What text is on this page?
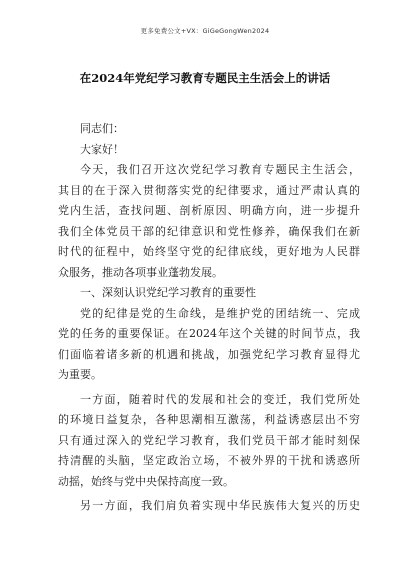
更多免费公文+VX：GiGeGongWen2024
在2024年党纪学习教育专题民主生活会上的讲话
同志们：
大家好！
今天，我们召开这次党纪学习教育专题民主生活会，
其目的在于深入贯彻落实党的纪律要求，通过严肃认真的
党内生活，查找问题、剖析原因、明确方向，进一步提升
我们全体党员干部的纪律意识和党性修养，确保我们在新
时代的征程中，始终坚守党的纪律底线，更好地为人民群
众服务，推动各项事业蓬勃发展。
一、深刻认识党纪学习教育的重要性
党的纪律是党的生命线，是维护党的团结统一、完成
党的任务的重要保证。在2024年这个关键的时间节点，我
们面临着诸多新的机遇和挑战，加强党纪学习教育显得尤
为重要。
一方面，随着时代的发展和社会的变迁，我们党所处
的环境日益复杂，各种思潮相互激荡，利益诱惑层出不穷
只有通过深入的党纪学习教育，我们党员干部才能时刻保
持清醒的头脑，坚定政治立场，不被外界的干扰和诱惑所
动摇，始终与党中央保持高度一致。
另一方面，我们肩负着实现中华民族伟大复兴的历史
